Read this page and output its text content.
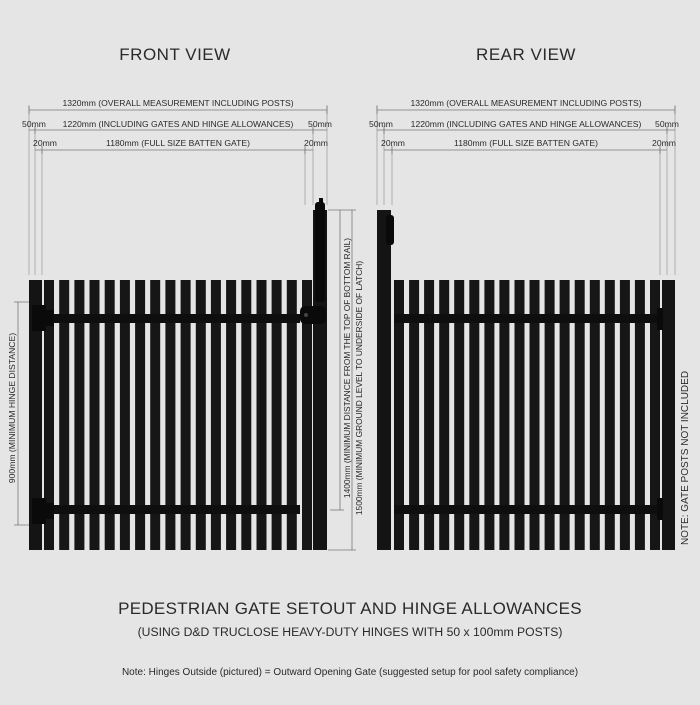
FRONT VIEW
1320mm (OVERALL MEASUREMENT INCLUDING POSTS)
50mm 1220mm (INCLUDING GATES AND HINGE ALLOWANCES) 50mm
20mm	1180mm (FULL SIZE BATTEN GATE)	20mm
900mm (MINIMUM HINGE DISTANCE)	1400mm (MINIMUM DISTANCE FROM THE TOP OF BOTTOM RAIL) 1500mm (MINIMUM GROUND LEVEL TO UNDERSIDE OF LATCH)
REAR VIEW
1320mm (OVERALL MEASUREMENT INCLUDING POSTS)
50mm 1220mm (INCLUDING GATES AND HINGE ALLOWANCES) 50mm
20mm	1180mm (FULL SIZE BATTEN GATE)	20mm
NOTE: GATE POSTS NOT INCLUDED
PEDESTRIAN GATE SETOUT AND HINGE ALLOWANCES
(USING D&D TRUCLOSE HEAVY-DUTY HINGES WITH 50 x 100mm POSTS)
Note: Hinges Outside (pictured) = Outward Opening Gate (suggested setup for pool safety compliance)
